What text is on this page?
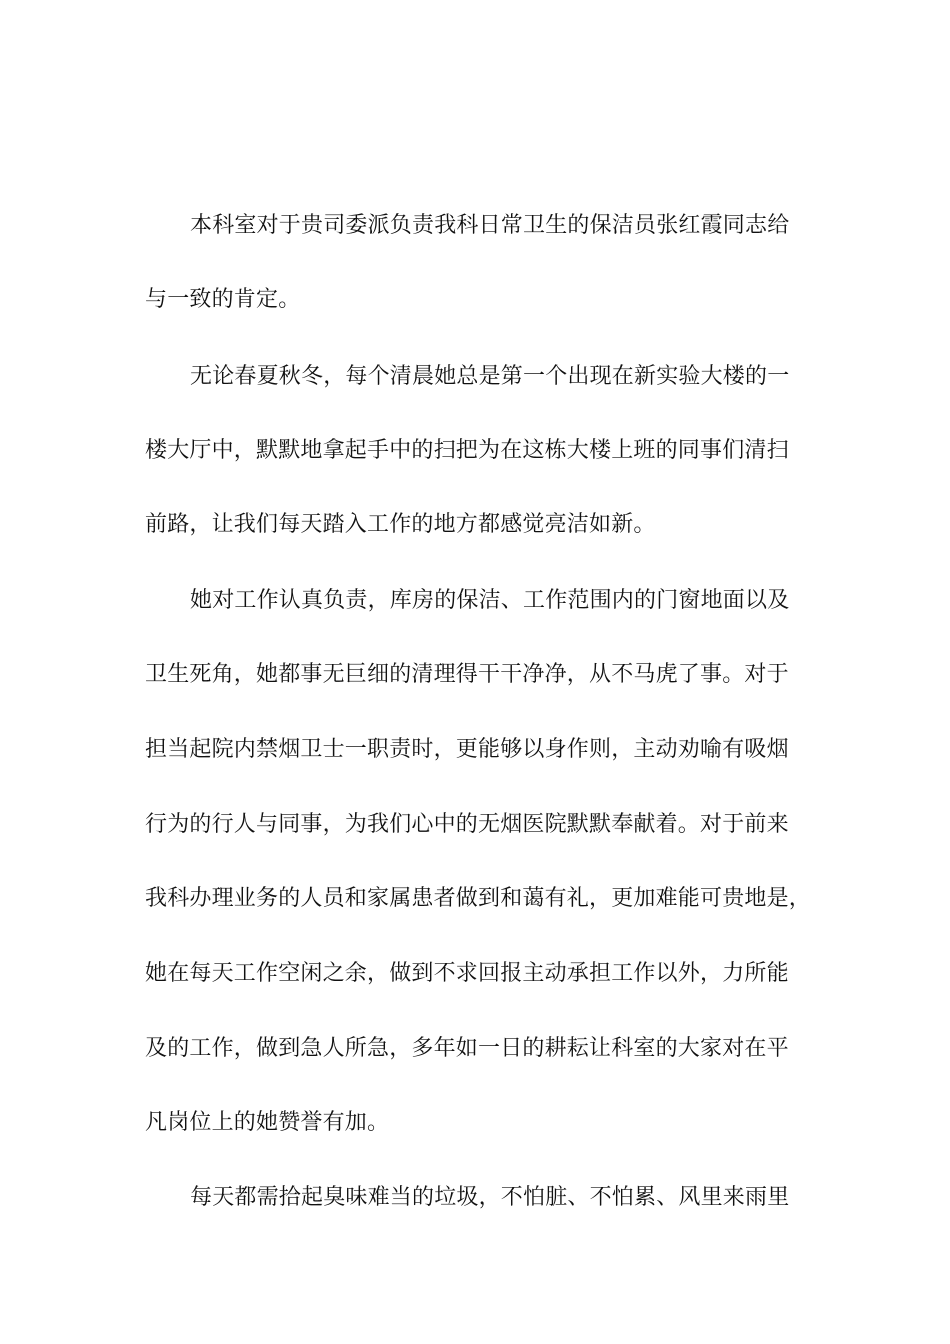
本科室对于贵司委派负责我科日常卫生的保洁员张红霞同志给

与一致的肯定。

无论春夏秋冬，每个清晨她总是第一个出现在新实验大楼的一

楼大厅中，默默地拿起手中的扫把为在这栋大楼上班的同事们清扫

前路，让我们每天踏入工作的地方都感觉亮洁如新。

她对工作认真负责，库房的保洁、工作范围内的门窗地面以及

卫生死角，她都事无巨细的清理得干干净净，从不马虎了事。对于

担当起院内禁烟卫士一职责时，更能够以身作则，主动劝喻有吸烟

行为的行人与同事，为我们心中的无烟医院默默奉献着。对于前来

我科办理业务的人员和家属患者做到和蔼有礼，更加难能可贵地是，

她在每天工作空闲之余，做到不求回报主动承担工作以外，力所能

及的工作，做到急人所急，多年如一日的耕耘让科室的大家对在平

凡岗位上的她赞誉有加。

每天都需拾起臭味难当的垃圾，不怕脏、不怕累、风里来雨里
